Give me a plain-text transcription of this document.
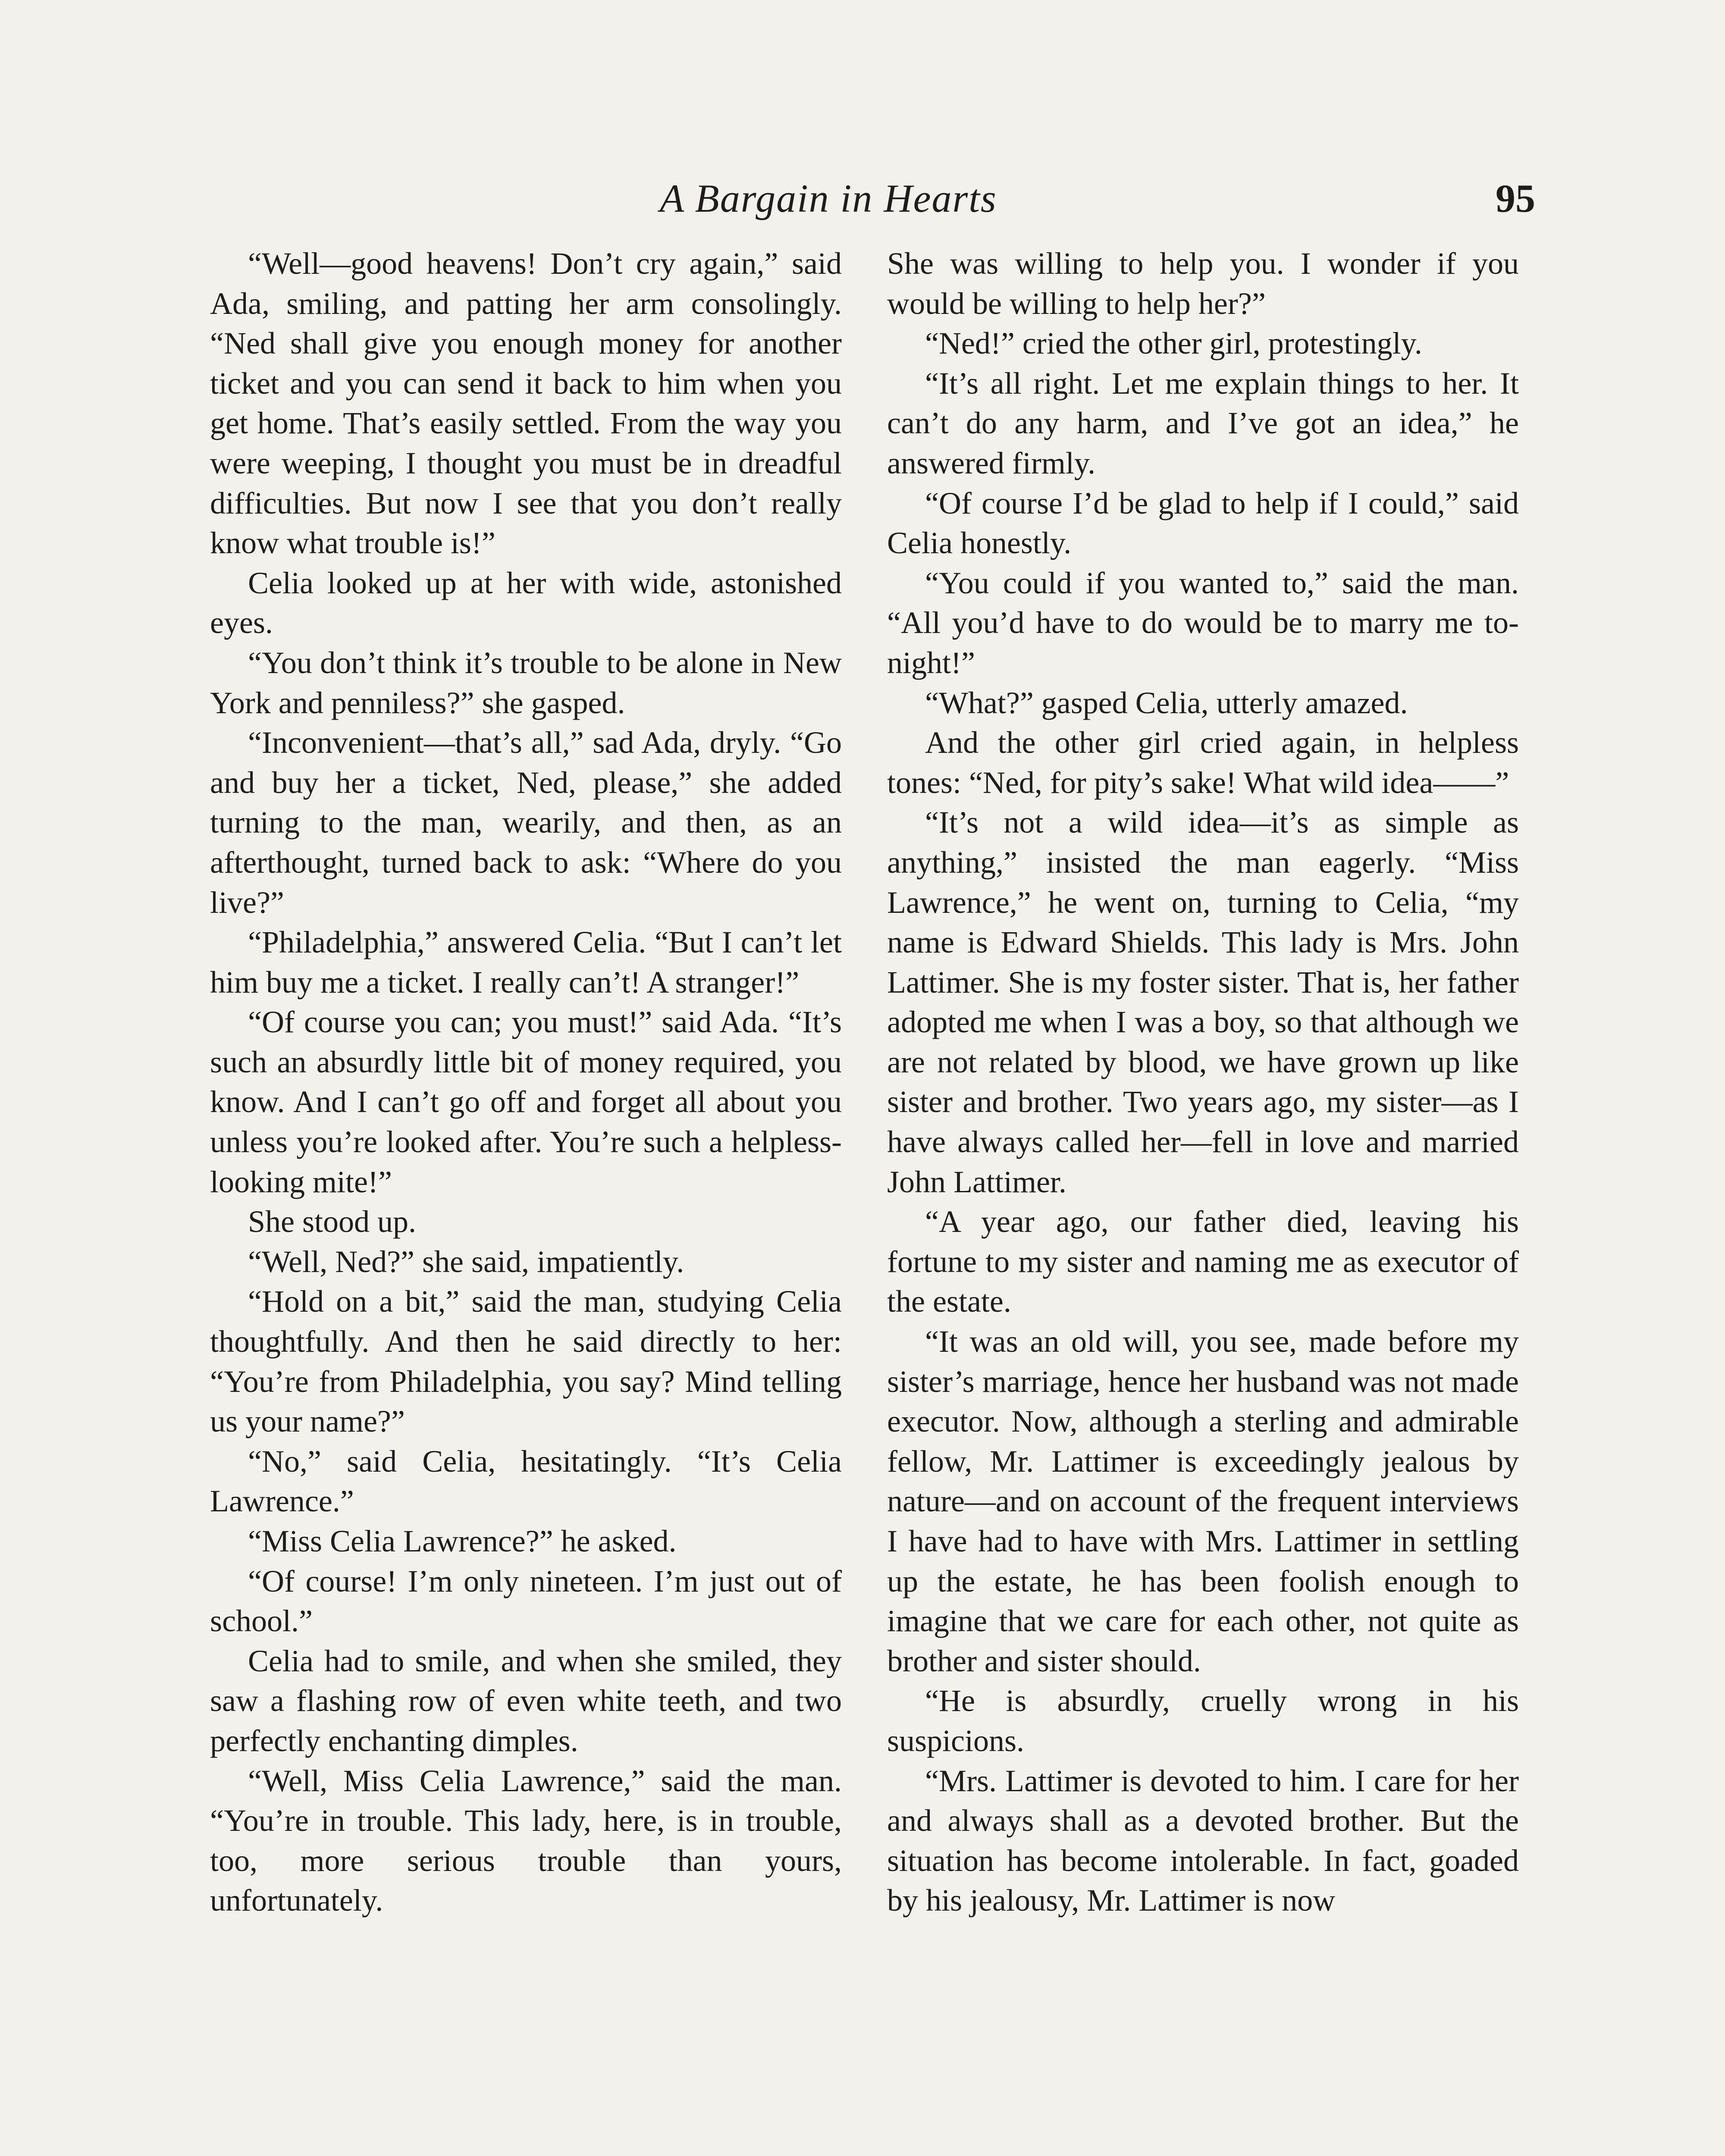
A Bargain in Hearts	95

“Well—good heavens! Don’t cry again,” said Ada, smiling, and patting her arm consolingly. “Ned shall give you enough money for another ticket and you can send it back to him when you get home. That’s easily settled. From the way you were weeping, I thought you must be in dreadful difficulties. But now I see that you don’t really know what trouble is!”

Celia looked up at her with wide, astonished eyes.

“You don’t think it’s trouble to be alone in New York and penniless?” she gasped.

“Inconvenient—that’s all,” sad Ada, dryly. “Go and buy her a ticket, Ned, please,” she added turning to the man, wearily, and then, as an afterthought, turned back to ask: “Where do you live?”

“Philadelphia,” answered Celia. “But I can’t let him buy me a ticket. I really can’t! A stranger!”

“Of course you can; you must!” said Ada. “It’s such an absurdly little bit of money required, you know. And I can’t go off and forget all about you unless you’re looked after. You’re such a helpless-looking mite!”

She stood up.

“Well, Ned?” she said, impatiently.

“Hold on a bit,” said the man, studying Celia thoughtfully. And then he said directly to her: “You’re from Philadelphia, you say? Mind telling us your name?”

“No,” said Celia, hesitatingly. “It’s Celia Lawrence.”

“Miss Celia Lawrence?” he asked.

“Of course! I’m only nineteen. I’m just out of school.”

Celia had to smile, and when she smiled, they saw a flashing row of even white teeth, and two perfectly enchanting dimples.

“Well, Miss Celia Lawrence,” said the man. “You’re in trouble. This lady, here, is in trouble, too, more serious trouble than yours, unfortunately.

She was willing to help you. I wonder if you would be willing to help her?”

“Ned!” cried the other girl, protestingly.

“It’s all right. Let me explain things to her. It can’t do any harm, and I’ve got an idea,” he answered firmly.

“Of course I’d be glad to help if I could,” said Celia honestly.

“You could if you wanted to,” said the man. “All you’d have to do would be to marry me to-night!”

“What?” gasped Celia, utterly amazed.

And the other girl cried again, in helpless tones: “Ned, for pity’s sake! What wild idea——”

“It’s not a wild idea—it’s as simple as anything,” insisted the man eagerly. “Miss Lawrence,” he went on, turning to Celia, “my name is Edward Shields. This lady is Mrs. John Lattimer. She is my foster sister. That is, her father adopted me when I was a boy, so that although we are not related by blood, we have grown up like sister and brother. Two years ago, my sister—as I have always called her—fell in love and married John Lattimer.

“A year ago, our father died, leaving his fortune to my sister and naming me as executor of the estate.

“It was an old will, you see, made before my sister’s marriage, hence her husband was not made executor. Now, although a sterling and admirable fellow, Mr. Lattimer is exceedingly jealous by nature—and on account of the frequent interviews I have had to have with Mrs. Lattimer in settling up the estate, he has been foolish enough to imagine that we care for each other, not quite as brother and sister should.

“He is absurdly, cruelly wrong in his suspicions.

“Mrs. Lattimer is devoted to him. I care for her and always shall as a devoted brother. But the situation has become intolerable. In fact, goaded by his jealousy, Mr. Lattimer is now
